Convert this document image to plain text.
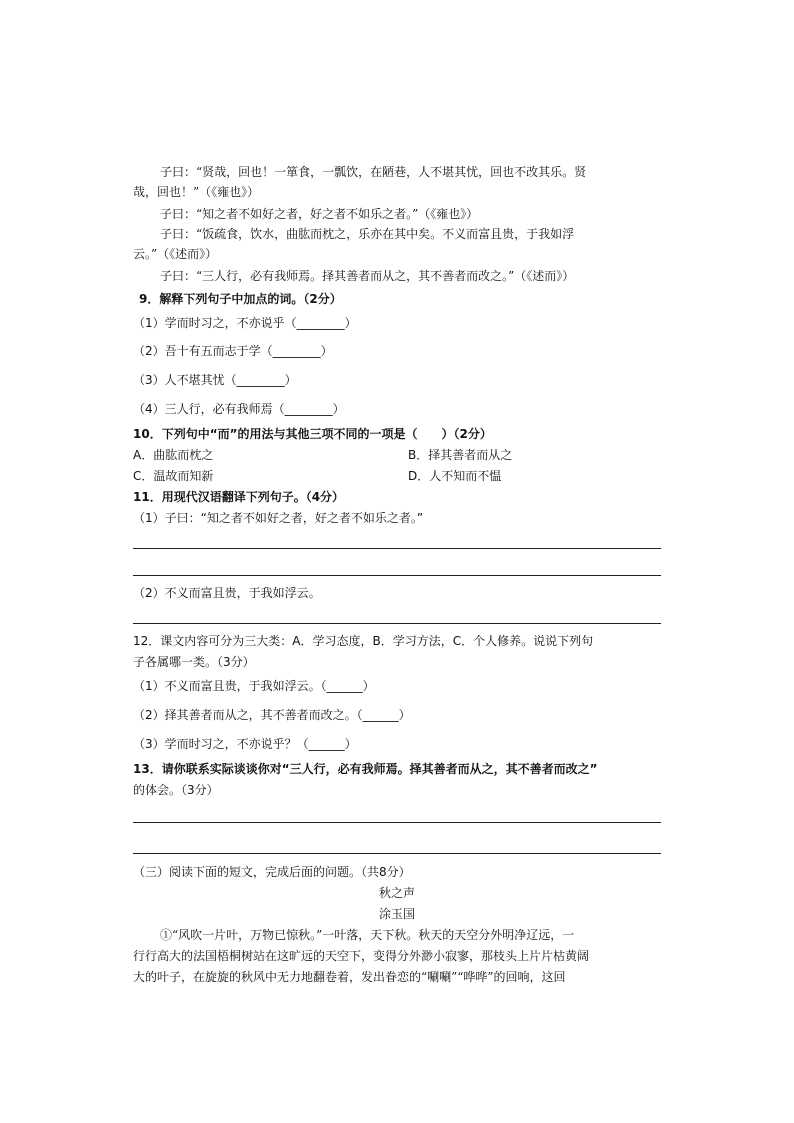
子曰：“贤哉，回也！一箪食，一瓢饮，在陋巷，人不堪其忧，回也不改其乐。贤
哉，回也！”（《雍也》）
子曰：“知之者不如好之者，好之者不如乐之者。”（《雍也》）
子曰：“饭疏食，饮水，曲肱而枕之，乐亦在其中矣。不义而富且贵，于我如浮
云。”（《述而》）
子曰：“三人行，必有我师焉。择其善者而从之，其不善者而改之。”（《述而》）
9．解释下列句子中加点的词。（2分）
（1）学而时习之，不亦说乎（________）
（2）吾十有五而志于学（________）
（3）人不堪其忧（________）
（4）三人行，必有我师焉（________）
10．下列句中“而”的用法与其他三项不同的一项是（　　）（2分）
A．曲肱而枕之	B．择其善者而从之
C．温故而知新	D．人不知而不愠
11．用现代汉语翻译下列句子。（4分）
（1）子曰：“知之者不如好之者，好之者不如乐之者。”
（2）不义而富且贵，于我如浮云。
12．课文内容可分为三大类：A．学习态度，B．学习方法，C．个人修养。说说下列句
子各属哪一类。（3分）
（1）不义而富且贵，于我如浮云。（______）
（2）择其善者而从之，其不善者而改之。（______）
（3）学而时习之，不亦说乎？（______）
13．请你联系实际谈谈你对“三人行，必有我师焉。择其善者而从之，其不善者而改之”
的体会。（3分）
（三）阅读下面的短文，完成后面的问题。（共8分）
秋之声
涂玉国
①“风吹一片叶，万物已惊秋。”一叶落，天下秋。秋天的天空分外明净辽远，一
行行高大的法国梧桐树站在这旷远的天空下，变得分外渺小寂寥，那枝头上片片枯黄阔
大的叶子，在旋旋的秋风中无力地翻卷着，发出眷恋的“唰唰”“哗哗”的回响，这回
